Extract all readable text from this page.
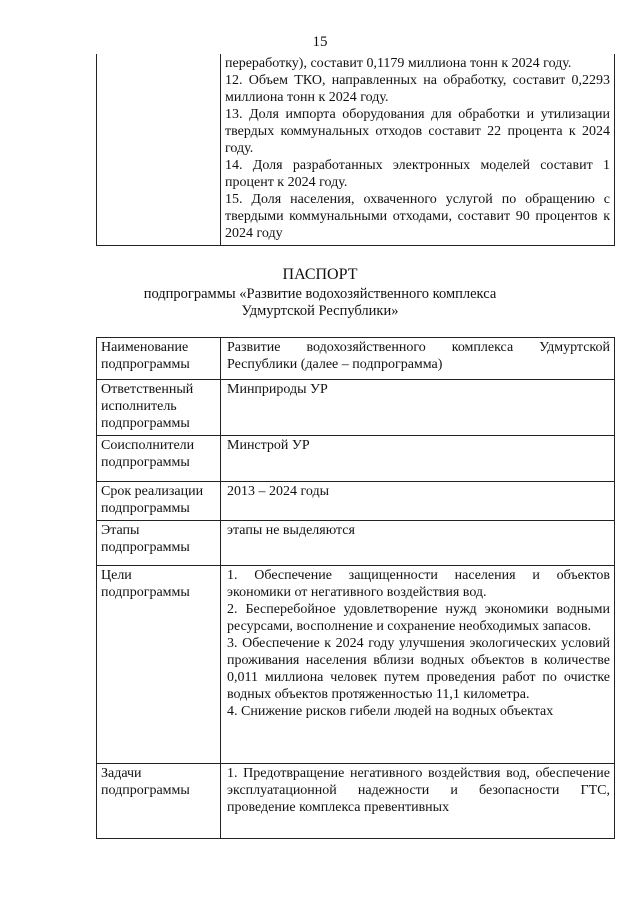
15

переработку), составит 0,1179 миллиона тонн к 2024 году.
12. Объем ТКО, направленных на обработку, составит 0,2293 миллиона тонн к 2024 году.
13. Доля импорта оборудования для обработки и утилизации твердых коммунальных отходов составит 22 процента к 2024 году.
14. Доля разработанных электронных моделей составит 1 процент к 2024 году.
15. Доля населения, охваченного услугой по обращению с твердыми коммунальными отходами, составит 90 процентов к 2024 году
ПАСПОРТ
подпрограммы «Развитие водохозяйственного комплекса
Удмуртской Республики»
Наименование подпрограммы	Развитие водохозяйственного комплекса Удмуртской Республики (далее – подпрограмма)
Ответственный исполнитель подпрограммы	Минприроды УР
Соисполнители подпрограммы	Минстрой УР
Срок реализации подпрограммы	2013 – 2024 годы
Этапы подпрограммы	этапы не выделяются
Цели подпрограммы	1. Обеспечение защищенности населения и объектов экономики от негативного воздействия вод.
2. Бесперебойное удовлетворение нужд экономики водными ресурсами, восполнение и сохранение необходимых запасов.
3. Обеспечение к 2024 году улучшения экологических условий проживания населения вблизи водных объектов в количестве 0,011 миллиона человек путем проведения работ по очистке водных объектов протяженностью 11,1 километра.
4. Снижение рисков гибели людей на водных объектах

Задачи подпрограммы	1. Предотвращение негативного воздействия вод, обеспечение эксплуатационной надежности и безопасности ГТС, проведение комплекса превентивных
